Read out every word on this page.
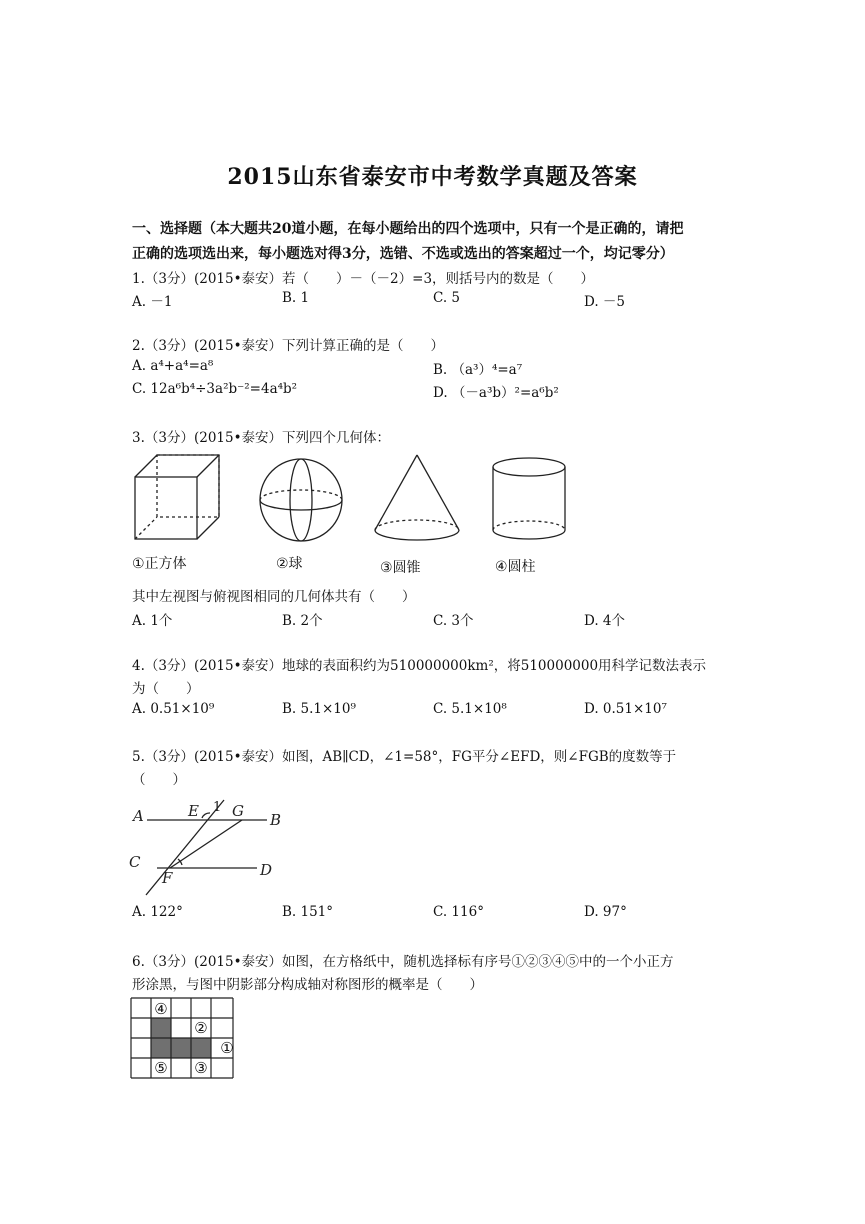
2015山东省泰安市中考数学真题及答案
一、选择题（本大题共20道小题，在每小题给出的四个选项中，只有一个是正确的，请把
正确的选项选出来，每小题选对得3分，选错、不选或选出的答案超过一个，均记零分）
1.（3分）(2015•泰安）若（　　）－（－2）=3，则括号内的数是（　　）
A. －1	B. 1	C. 5	D. －5
2.（3分）(2015•泰安）下列计算正确的是（　　）
A. a⁴+a⁴=a⁸	B. （a³）⁴=a⁷
C. 12a⁶b⁴÷3a²b⁻²=4a⁴b²	D. （－a³b）²=a⁶b²
3.（3分）(2015•泰安）下列四个几何体：
①正方体	②球	③圆锥	④圆柱
其中左视图与俯视图相同的几何体共有（　　）
A. 1个	B. 2个	C. 3个	D. 4个
4.（3分）(2015•泰安）地球的表面积约为510000000km²，将510000000用科学记数法表示
为（　　）
A. 0.51×10⁹	B. 5.1×10⁹	C. 5.1×10⁸	D. 0.51×10⁷
5.（3分）(2015•泰安）如图，AB∥CD，∠1=58°，FG平分∠EFD，则∠FGB的度数等于
（　　）
A	E 1 G B
C
F	D
A. 122°	B. 151°	C. 116°	D. 97°
6.（3分）(2015•泰安）如图，在方格纸中，随机选择标有序号①②③④⑤中的一个小正方
形涂黑，与图中阴影部分构成轴对称图形的概率是（　　）
④
②
①
⑤ ③
